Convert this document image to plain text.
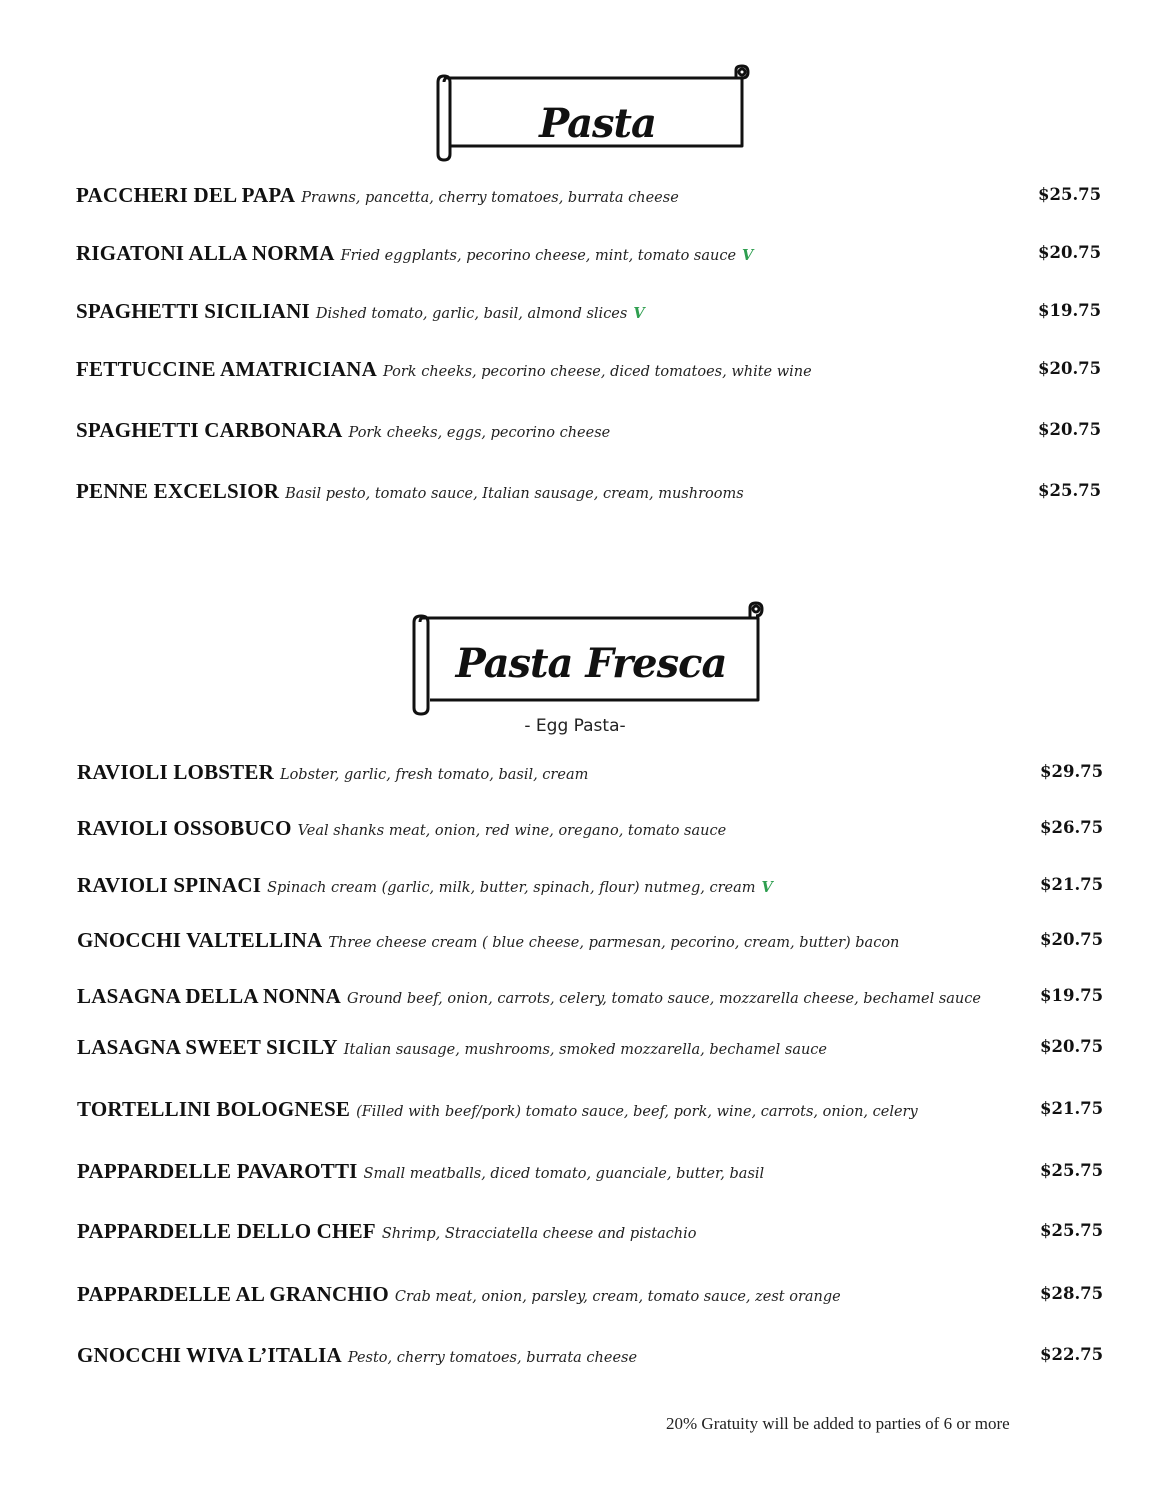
Pasta
Pasta Fresca
- Egg Pasta-
PACCHERI DEL PAPA Prawns, pancetta, cherry tomatoes, burrata cheese	$25.75
RIGATONI ALLA NORMA Fried eggplants, pecorino cheese, mint, tomato sauce V	$20.75
SPAGHETTI SICILIANI Dished tomato, garlic, basil, almond slices V	$19.75
FETTUCCINE AMATRICIANA Pork cheeks, pecorino cheese, diced tomatoes, white wine	$20.75
SPAGHETTI CARBONARA Pork cheeks, eggs, pecorino cheese	$20.75
PENNE EXCELSIOR Basil pesto, tomato sauce, Italian sausage, cream, mushrooms	$25.75
RAVIOLI LOBSTER Lobster, garlic, fresh tomato, basil, cream	$29.75
RAVIOLI OSSOBUCO Veal shanks meat, onion, red wine, oregano, tomato sauce	$26.75
RAVIOLI SPINACI Spinach cream (garlic, milk, butter, spinach, flour) nutmeg, cream V	$21.75
GNOCCHI VALTELLINA Three cheese cream ( blue cheese, parmesan, pecorino, cream, butter) bacon	$20.75
LASAGNA DELLA NONNA Ground beef, onion, carrots, celery, tomato sauce, mozzarella cheese, bechamel sauce	$19.75
LASAGNA SWEET SICILY Italian sausage, mushrooms, smoked mozzarella, bechamel sauce	$20.75
TORTELLINI BOLOGNESE (Filled with beef/pork) tomato sauce, beef, pork, wine, carrots, onion, celery	$21.75
PAPPARDELLE PAVAROTTI Small meatballs, diced tomato, guanciale, butter, basil	$25.75
PAPPARDELLE DELLO CHEF Shrimp, Stracciatella cheese and pistachio	$25.75
PAPPARDELLE AL GRANCHIO Crab meat, onion, parsley, cream, tomato sauce, zest orange	$28.75
GNOCCHI WIVA L’ITALIA Pesto, cherry tomatoes, burrata cheese	$22.75
20% Gratuity will be added to parties of 6 or more
